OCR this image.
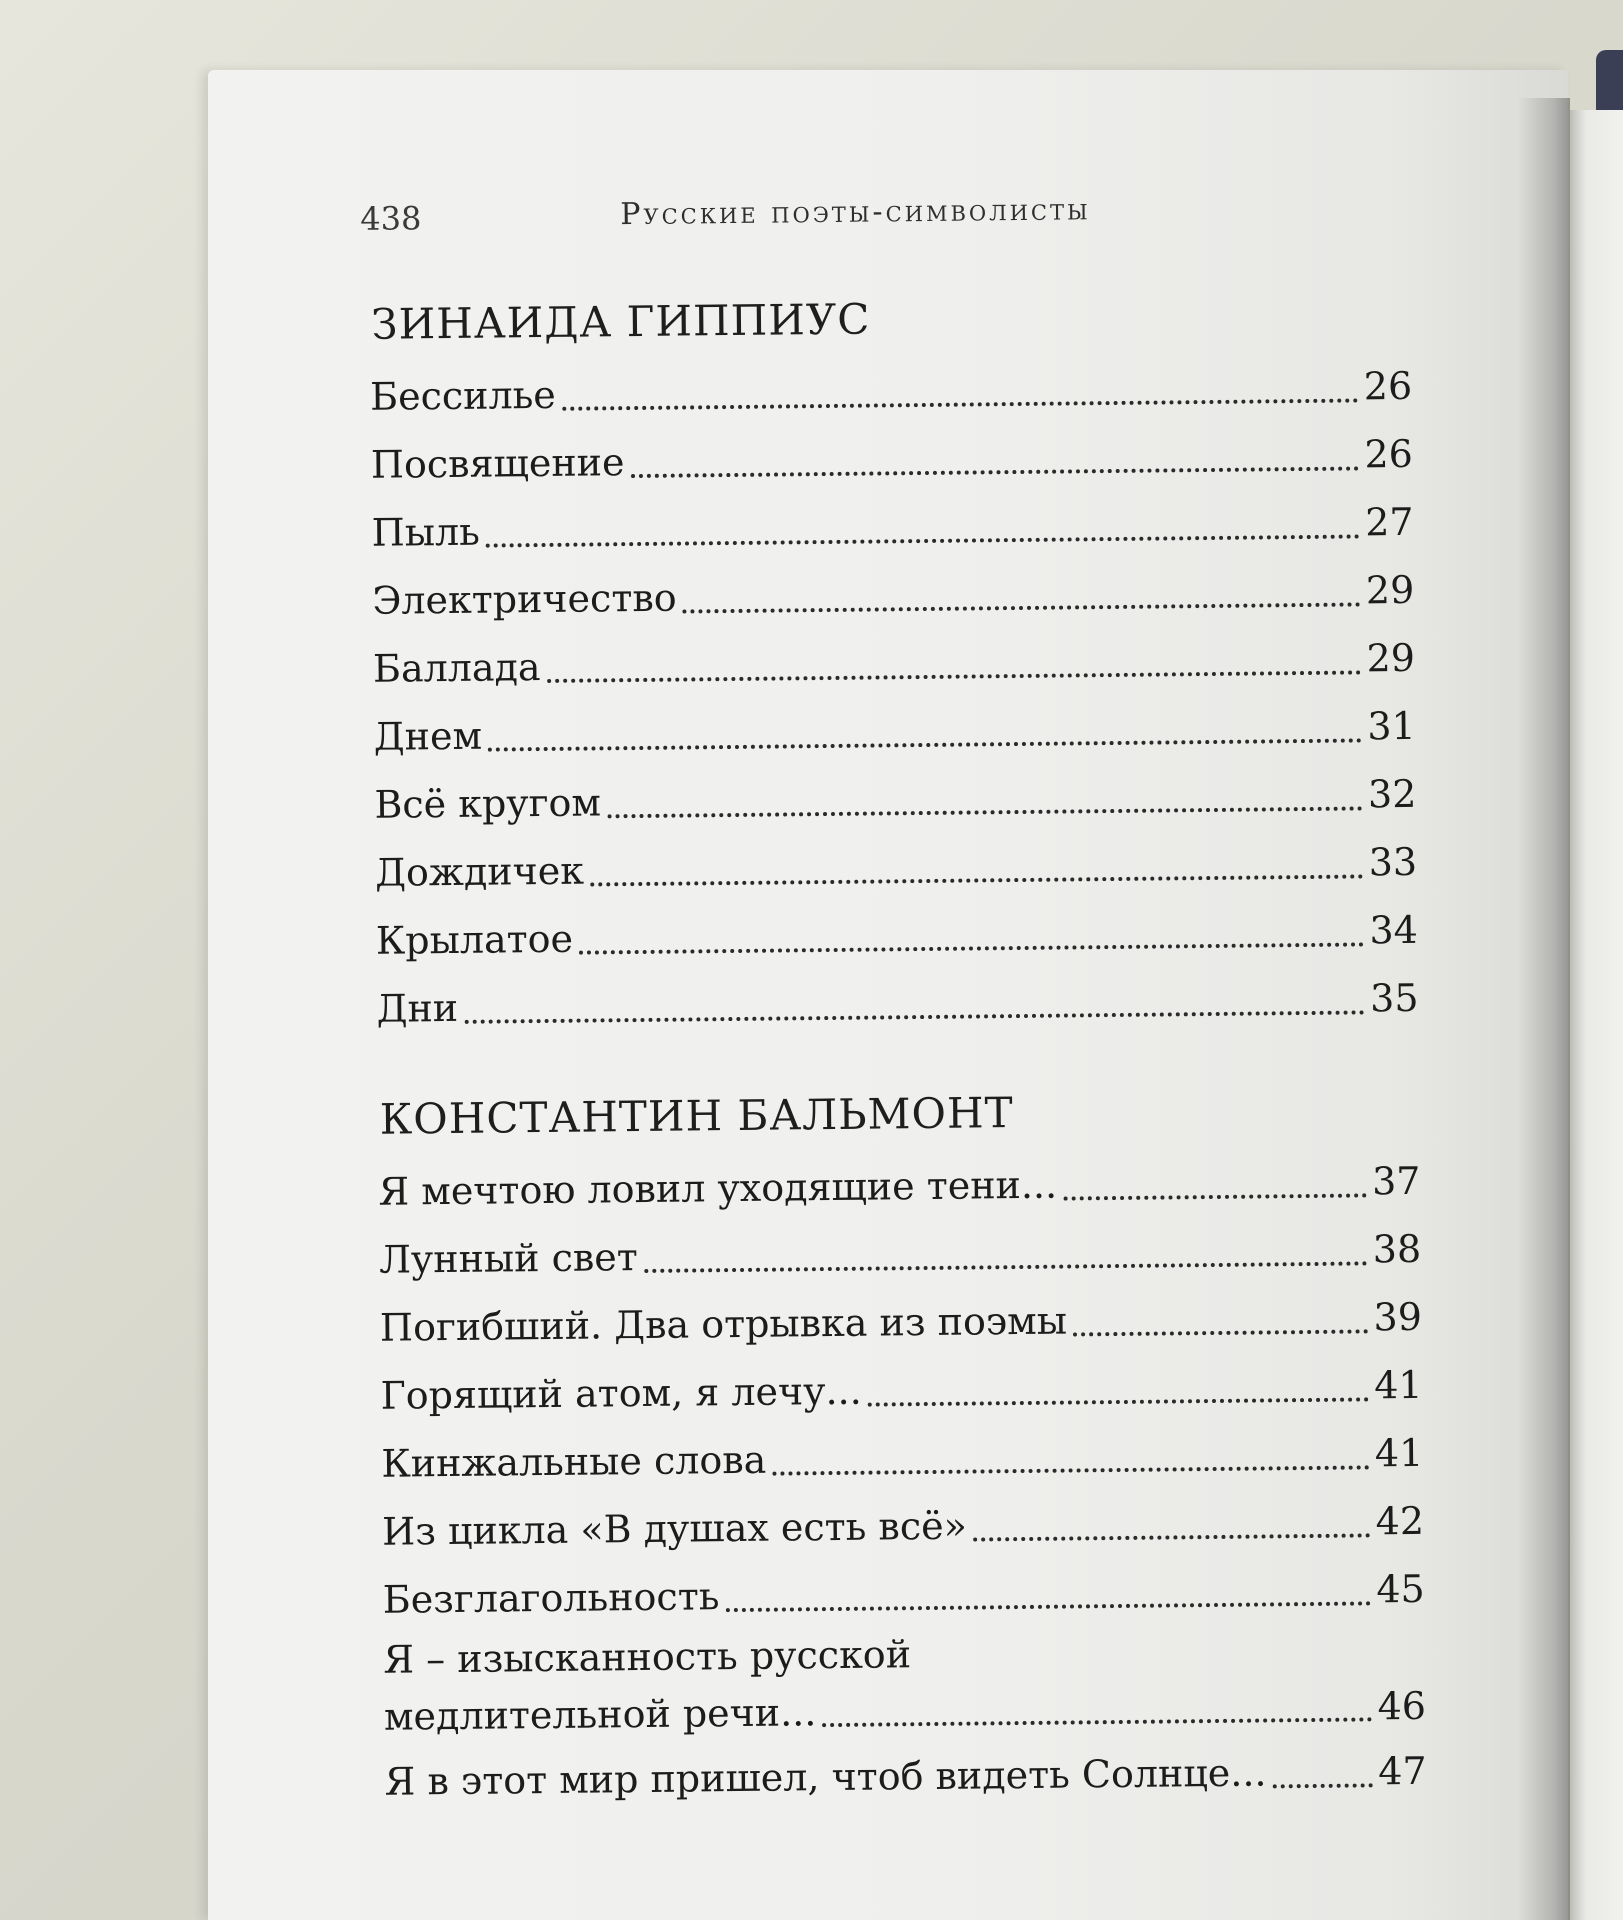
438	Русские поэты-символисты
ЗИНАИДА ГИППИУС
Бессилье	26
Посвящение	26
Пыль	27
Электричество	29
Баллада	29
Днем	31
Всё кругом	32
Дождичек	33
Крылатое	34
Дни	35
КОНСТАНТИН БАЛЬМОНТ
Я мечтою ловил уходящие тени...	37
Лунный свет	38
Погибший. Два отрывка из поэмы	39
Горящий атом, я лечу...	41
Кинжальные слова	41
Из цикла «В душах есть всё»	42
Безглагольность	45
Я – изысканность русской
медлительной речи...	46
Я в этот мир пришел, чтоб видеть Солнце...	47
